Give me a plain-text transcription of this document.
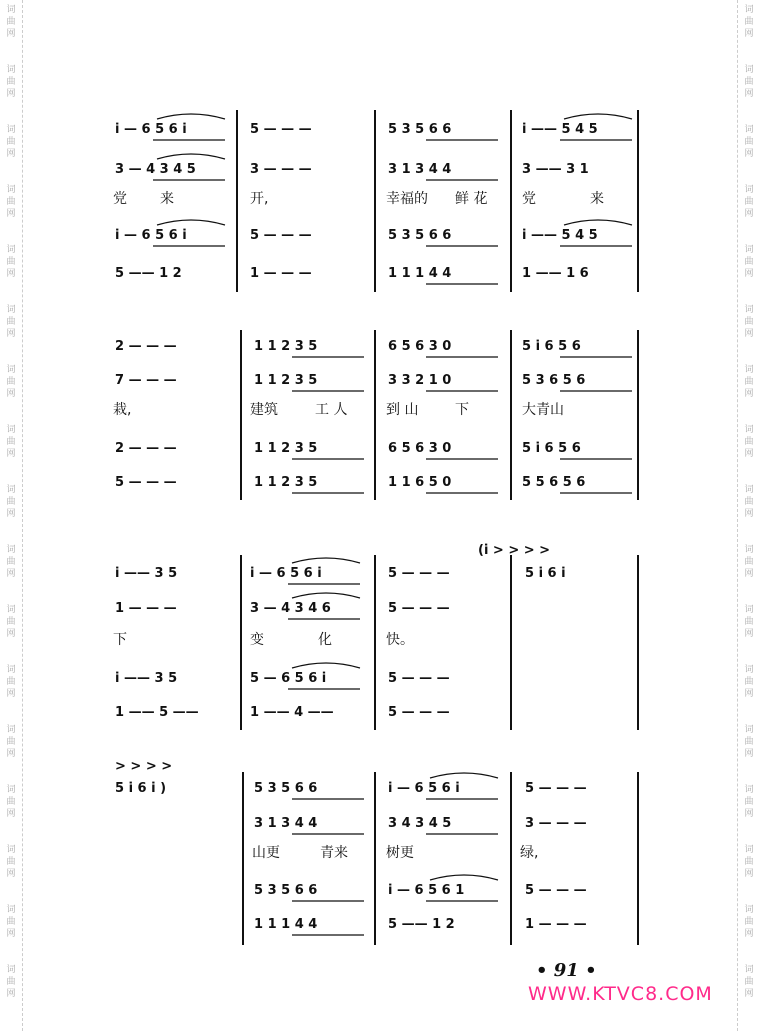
词
曲
网
词
曲
网
词
曲
网
词
曲
网
词
曲
网
词
曲
网
词
曲
网
词
曲
网
词
曲
网
词
曲
网
词
曲
网
词
曲
网
词
曲
网
词
曲
网
词
曲
网
词
曲
网
词
曲
网
词
曲
网
词
曲
网
词
曲
网
词
曲
网
词
曲
网
词
曲
网
词
曲
网
词
曲
网
词
曲
网
词
曲
网
词
曲
网
词
曲
网
词
曲
网
词
曲
网
词
曲
网
词
曲
网
词
曲
网
i̇ — 6 5 6 i̇	5 — — —	5 3 5 6 6	i̇ —— 5 4 5
3 — 4 3 4 5	3 — — —	3 1 3 4 4	3 —— 3 1
党 来	开,	幸福的 鲜 花 党	来
i̇ — 6 5 6 i̇	5 — — —	5 3 5 6 6	i̇ —— 5 4 5
5 —— 1 2	1 — — —	1 1 1 4 4	1 —— 1 6
2 — — —	1 1 2 3 5	6 5 6 3 0	5 i̇ 6 5 6
7 — — —	1 1 2 3 5	3 3 2 1 0	5 3 6 5 6
栽,	建筑	工 人	到 山	下	大青山
2 — — —	1 1 2 3 5	6 5 6 3 0	5 i̇ 6 5 6
5 — — —	1 1 2 3 5	1 1 6 5 0	5 5 6 5 6
(i̇ > > > >
i̇ —— 3 5	i̇ — 6 5 6 i̇	5 — — —	5 i̇ 6 i̇
1 — — —	3 — 4 3 4 6	5 — — —
下	变	化	快。
i̇ —— 3 5	5 — 6 5 6 i̇	5 — — —
1 —— 5 ——	1 —— 4 ——	5 — — —
> > > >
5 i̇ 6 i̇ )	5 3 5 6 6	i̇ — 6 5 6 i̇	5 — — —
3 1 3 4 4	3 4 3 4 5	3 — — —
山更	青来	树更	绿,
5 3 5 6 6	i̇ — 6 5 6 1	5 — — —
1 1 1 4 4	5 —— 1 2	1 — — —
• 91 •
WWW.KTVC8.COM
